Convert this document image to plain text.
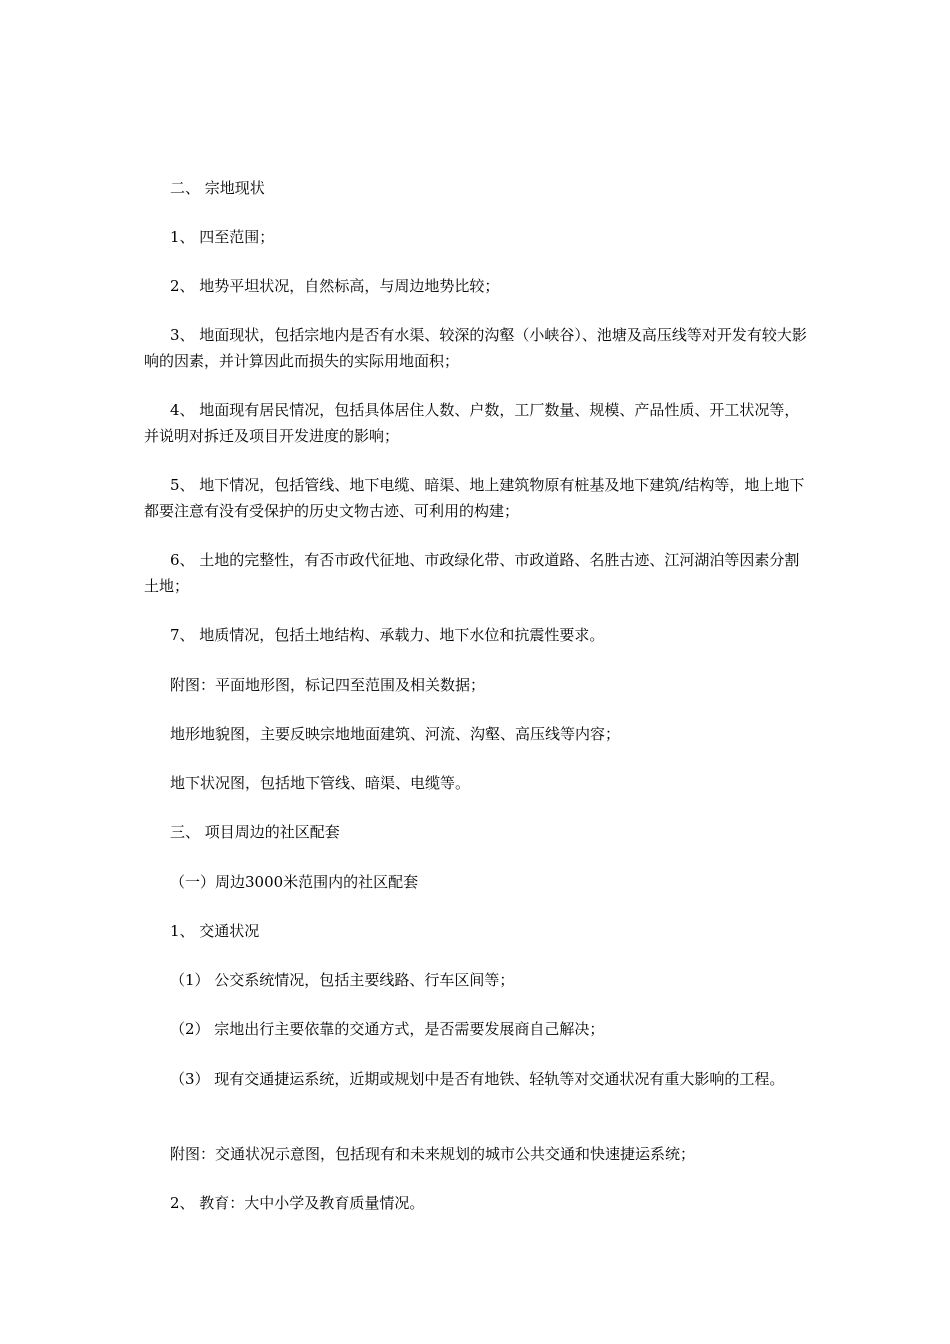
二、 宗地现状

1、 四至范围；

2、 地势平坦状况，自然标高，与周边地势比较；

3、 地面现状，包括宗地内是否有水渠、较深的沟壑（小峡谷）、池塘及高压线等对开发有较大影响的因素，并计算因此而损失的实际用地面积；

4、 地面现有居民情况，包括具体居住人数、户数，工厂数量、规模、产品性质、开工状况等，并说明对拆迁及项目开发进度的影响；

5、 地下情况，包括管线、地下电缆、暗渠、地上建筑物原有桩基及地下建筑/结构等，地上地下都要注意有没有受保护的历史文物古迹、可利用的构建；

6、 土地的完整性，有否市政代征地、市政绿化带、市政道路、名胜古迹、江河湖泊等因素分割土地；

7、 地质情况，包括土地结构、承载力、地下水位和抗震性要求。

附图：平面地形图，标记四至范围及相关数据；

地形地貌图，主要反映宗地地面建筑、河流、沟壑、高压线等内容；

地下状况图，包括地下管线、暗渠、电缆等。

三、 项目周边的社区配套

（一）周边3000米范围内的社区配套

1、 交通状况

（1） 公交系统情况，包括主要线路、行车区间等；

（2） 宗地出行主要依靠的交通方式，是否需要发展商自己解决；

（3） 现有交通捷运系统，近期或规划中是否有地铁、轻轨等对交通状况有重大影响的工程。

附图：交通状况示意图，包括现有和未来规划的城市公共交通和快速捷运系统；

2、 教育：大中小学及教育质量情况。
